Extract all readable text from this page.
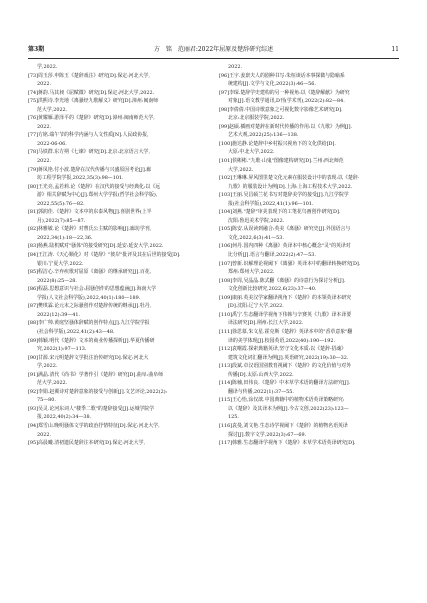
第3期	方　铭　范丽君:2022年屈原及楚辞研究综述	11
学,2022.
[73]周玉莎.申陈玉《楚辞戏注》研究[D].保定:河北大学,
2022.
[74]蒋韵.马其昶《屈赋微》研究[D].保定:河北大学,2022.
[75]洪熙诗.李光地《离骚经九歌解义》研究[D].漳州:闽南师
范大学,2022.
[76]黄耀雁.游泽平的《楚辞》研究[D].漳州:闽南师范大学,
2022.
[77]方铭.端午节的科学内涵与人文性质[N].人民政协报,
2022-06-06.
[78]马铁群.东方朔《七谏》研究[D].北京:北京语言大学,
2022.
[79]蒋凤艳.付小波.楚辞在汉代传播与兴盛原因考论[J].廊
坊工程学院学报,2022,35(3):98—101.
[80]王光亮,孟若莉.论《楚辞》在汉代的接受与经典化:以《远
游》相关辞赋为中心[J].郑州大学学报(哲学社会科学版),
2022,55(5):76—82.
[81]郭润佳.《楚辞》文本中的东泰风物[J].喜剧世界(上半
月),2022(7):85—87.
[82]林雅敏.论《楚辞》对曹氏公主赋的影响[J].廊坊学刊,
2022,34(1):18—22,36.
[83]杨燕.陆机赋对"骚体"的接受研究[D].延安:延安大学,2022.
[84]王江涛.《天心顺化》对《楚辞》"彼岸"批评及其在后世的接受[D].
银川:宁夏大学,2022.
[85]程洁心.辛弃疾歌对屈原《离骚》的继承研究[J].百花,
2022(8):25—28.
[86]程磊.思想意识与社会:屈骚创作的思想蕴涵[J].海南大学
学报(人文社会科学版),2022,40(1):180—189.
[87]樊琪霖.论元末之际骚创作对楚辞传统的继承[J].牡丹,
2022(12):39—41.
[88]李广帅.黄庭坚骚体辞赋的创作特点[J].九江学院学报
(社会科学版),2022,41(2):43—48.
[89]韩颖.明代《楚辞》文本的商业传播探析[J].华夏传播研
究,2022(1):97—113.
[90]甘源.宋元明楚辞文学批注治传研究[D].保定:河北大
学,2022.
[91]满晶.清代《尚书》学著作引《楚辞》研究[D].曲阜:曲阜师
范大学,2022.
[92]李娟.赵翼诗对楚辞意象的接受与创新[J].文艺评论,2022(2):
75—80.
[93]吴灵.论河东词人"楼季二歌"的楚辞接受[J].运城学院学
报,2022,40(2):34—38.
[94]郑雪山.晚明骚体文学的政治抒情特征[D].保定:河北大学,
2022.
[95]高晨曦.清初遗民楚辞注本研究[D].保定:河北大学,
2022.
[96]王宇.姜禀夫人的剧种书写:朱桓谈话本事探微与隐喻系
统建构[J].文学与文化,2022(3):46—56.
[97]李琛.楚辞学史建构的另一种视角:以《楚辞解献》为研究
对象[J].语文教学通讯,D刊(学术刊),2022(2):82—84.
[98]李倩倩.中国诗歌意象之可视化数字影像艺术研究[D].
北京:北京服装学院,2022.
[99]赵硕.插画对楚辞在新时代传播的作用:以《九歌》为例[J].
艺术大观,2022(25):136—138.
[100]施达静.论楚辞中乡村振兴视角下的文化供给[D].
大原:中北大学,2022.
[101]侯彬彬."九歌·山鬼"图像建构研究[D].兰州:西北师范
大学,2022.
[102]王琳琳.屏风图里楚文化元素在服装设计中的表现:以《楚辞·
九歌》的服装设计为例[D].上海:上海工程技术大学,2022.
[103]王丽.吴昌硕兰花书写对楚辞美学的接受[J].九江学院学
报(社会科学版),2022,41(1):96—101.
[104]刘燕."楚辞"审美表现下的工笔花鸟画创作研究[D].
沈阳:鲁迅美术学院,2022.
[105]陈安.从误读到融合:英美《离骚》研究史[J].外国语言与
文化,2022,6(3):41—53.
[106]何丹.国内四种《离骚》英译本中核心概念"灵"的英译对
比分析[J].语言与翻译,2022(2):47—53.
[107]曾新.识解理论视阈下《离骚》英译本中的翻译转换研究[D].
郑州:郑州大学,2022.
[108]李周,吴晶晶.陈式翻《离骚》的诗意行为探讨分析[J].
文化创新比较研究,2022,6(23):37—40.
[109]康丽.英美汉学家翻译视角下《楚辞》的本领英译本研究
[D].沈阳:辽宁大学,2022.
[110]禹宁.生态翻译学视角下伟韩与辛赛英《九歌》译本译要
译法研究[D].荆州:长江大学,2022.
[111]徐思慕,朱文星.霍克斯《楚辞》英译本中的"香草意象"翻
译的美学体现[J].校园英语,2022(40):190—192.
[112]袁曙霞.探索典籍英译,坚守文化本质:以《楚辞·招魂》
建筑文化词汇翻译为例[J].英语研究,2022(19):30—32.
[113]段斌.卓汉语国别教育视阈下《楚辞》的文化价值与对外
传播[D].太原:山西大学,2022.
[114]陈楠,田伟良.《楚辞》中本草学术语的翻译方法研究[J].
翻译与传播,2022(1):37—55.
[115]王心怡,涂仅歆.中国典籍中的植物术语英译策略研究:
以《楚辞》及其译本为例[J].今古文创,2022(23):123—
125.
[116]袁曼,刘文艳.生态诗学视阈下《楚辞》的植物名语英译
探讨[J].数字文学,2022(3):67—69.
[117]韩雅.生态翻译学视角下《楚辞》本草学术语英译研究[D].
